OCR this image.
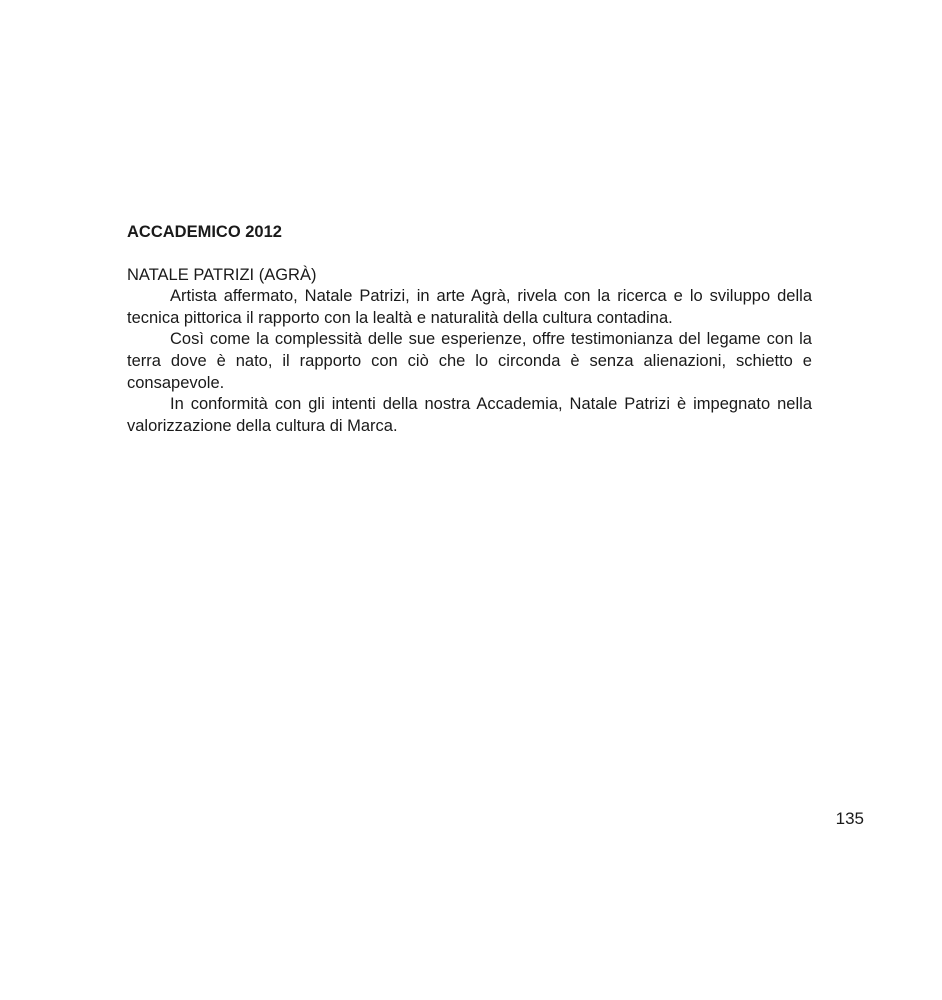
ACCADEMICO 2012

NATALE PATRIZI (AGRÀ)

Artista affermato, Natale Patrizi, in arte Agrà, rivela con la ricerca e lo sviluppo della tecnica pittorica il rapporto con la lealtà e naturalità della cultura contadina.

Così come la complessità delle sue esperienze, offre testimonianza del legame con la terra dove è nato, il rapporto con ciò che lo circonda è senza alienazioni, schietto e consapevole.

In conformità con gli intenti della nostra Accademia, Natale Patrizi è impegnato nella valorizzazione della cultura di Marca.

135
